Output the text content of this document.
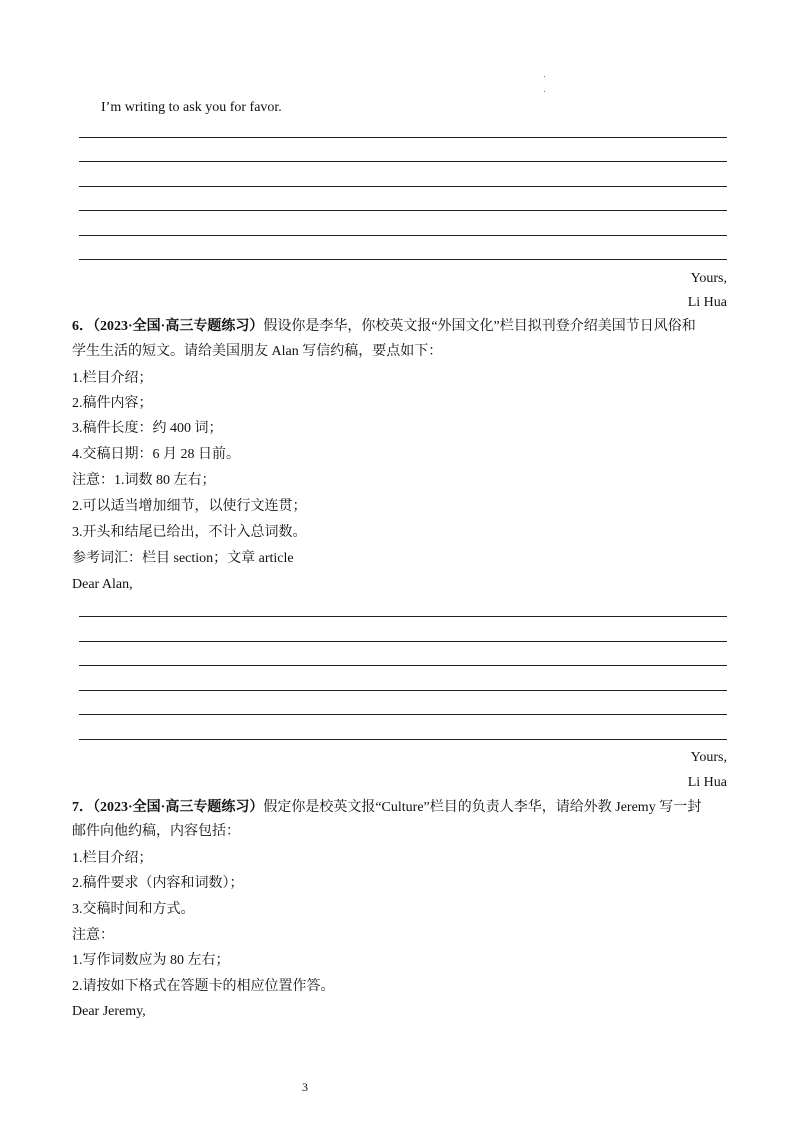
I’m writing to ask you for favor.
Yours,
Li Hua
6．（2023·全国·高三专题练习）假设你是李华，你校英文报“外国文化”栏目拟刊登介绍美国节日风俗和
学生生活的短文。请给美国朋友 Alan 写信约稿，要点如下：
1.栏目介绍；
2.稿件内容；
3.稿件长度：约 400 词；
4.交稿日期：6 月 28 日前。
注意：1.词数 80 左右；
2.可以适当增加细节，以使行文连贯；
3.开头和结尾已给出，不计入总词数。
参考词汇：栏目 section；文章 article
Dear Alan,
Yours,
Li Hua
7．（2023·全国·高三专题练习）假定你是校英文报“Culture”栏目的负责人李华，请给外教 Jeremy 写一封
邮件向他约稿，内容包括：
1.栏目介绍；
2.稿件要求（内容和词数）；
3.交稿时间和方式。
注意：
1.写作词数应为 80 左右；
2.请按如下格式在答题卡的相应位置作答。
Dear Jeremy,
3
